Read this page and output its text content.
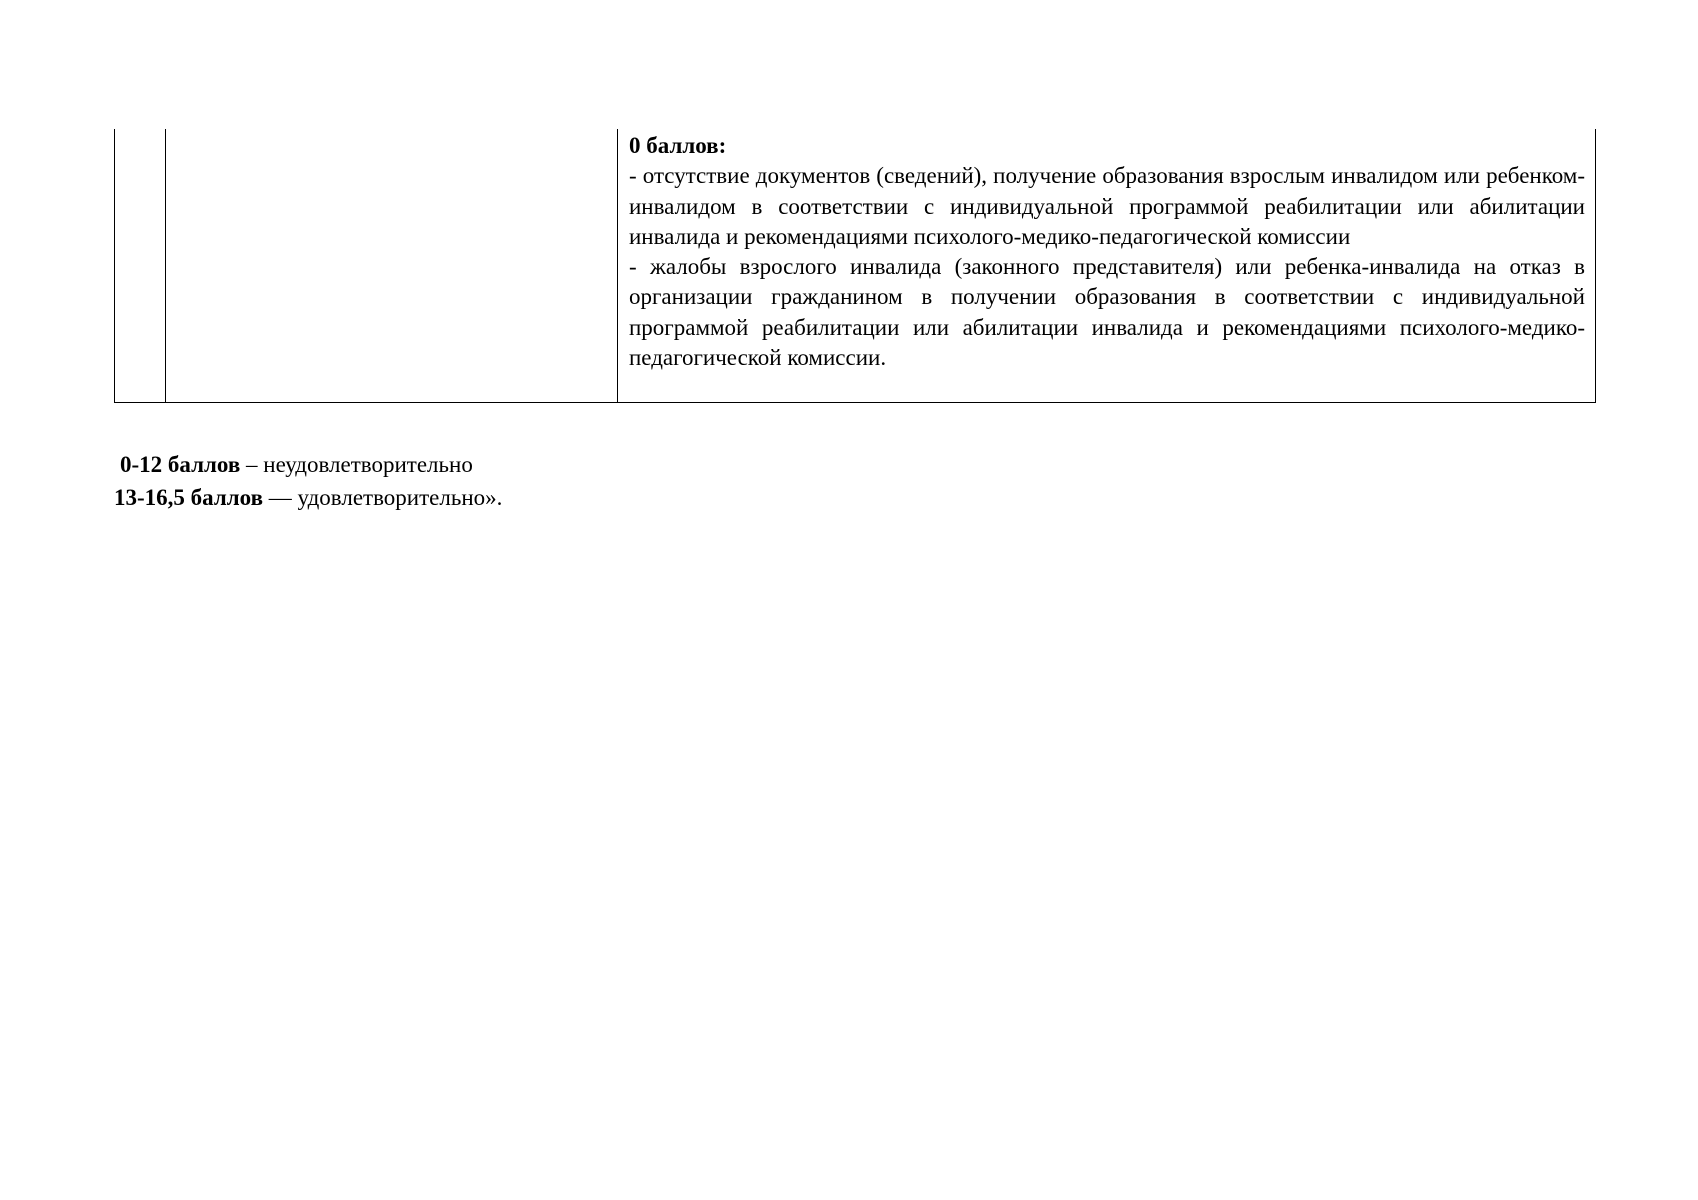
0 баллов:

- отсутствие документов (сведений), получение образования взрослым инвалидом или ребенком-инвалидом в соответствии с индивидуальной программой реабилитации или абилитации инвалида и рекомендациями психолого-медико-педагогической комиссии

- жалобы взрослого инвалида (законного представителя) или ребенка-инвалида на отказ в организации гражданином в получении образования в соответствии с индивидуальной программой реабилитации или абилитации инвалида и рекомендациями психолого-медико-педагогической комиссии.

0-12 баллов – неудовлетворительно
13-16,5 баллов — удовлетворительно».
